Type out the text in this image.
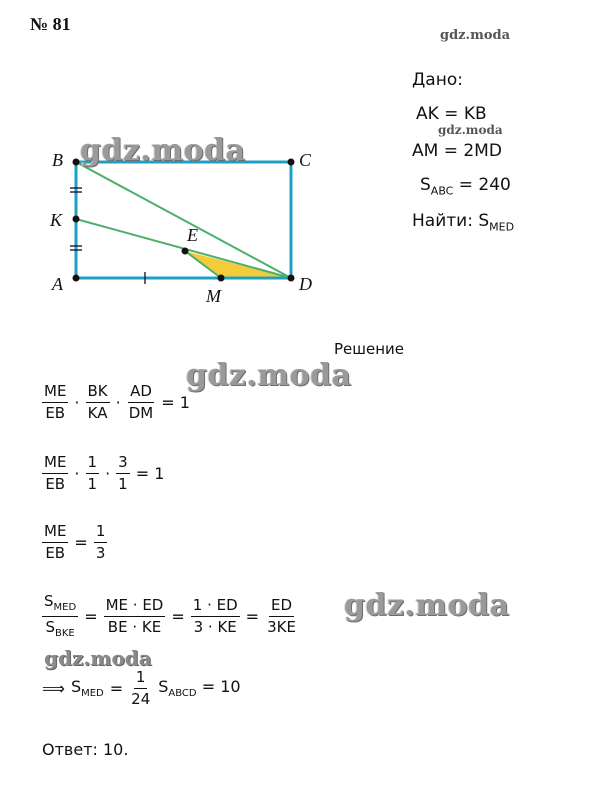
№ 81
gdz.moda
Дано:
AK = KB
gdz.moda
AM = 2MD
$S_{ABC} = 240$
Найти: $S_{MED}$
B	C
K
E
A
M
D
gdz.moda
Решение
gdz.moda
$\frac{ME}{EB} \cdot \frac{BK}{KA} \cdot \frac{AD}{DM} = 1$
$\frac{ME}{EB} \cdot \frac{1}{1} \cdot \frac{3}{1} = 1$
$\frac{ME}{EB} = \frac{1}{3}$
$\frac{S_{MED}}{S_{BKE}} = \frac{ME \cdot ED}{BE \cdot KE} = \frac{1 \cdot ED}{3 \cdot KE} = \frac{ED}{3KE}$ gdz.moda
gdz.moda
⟹ $S_{MED} = \frac{1}{24} S_{ABCD} = 10$
Ответ: 10.
